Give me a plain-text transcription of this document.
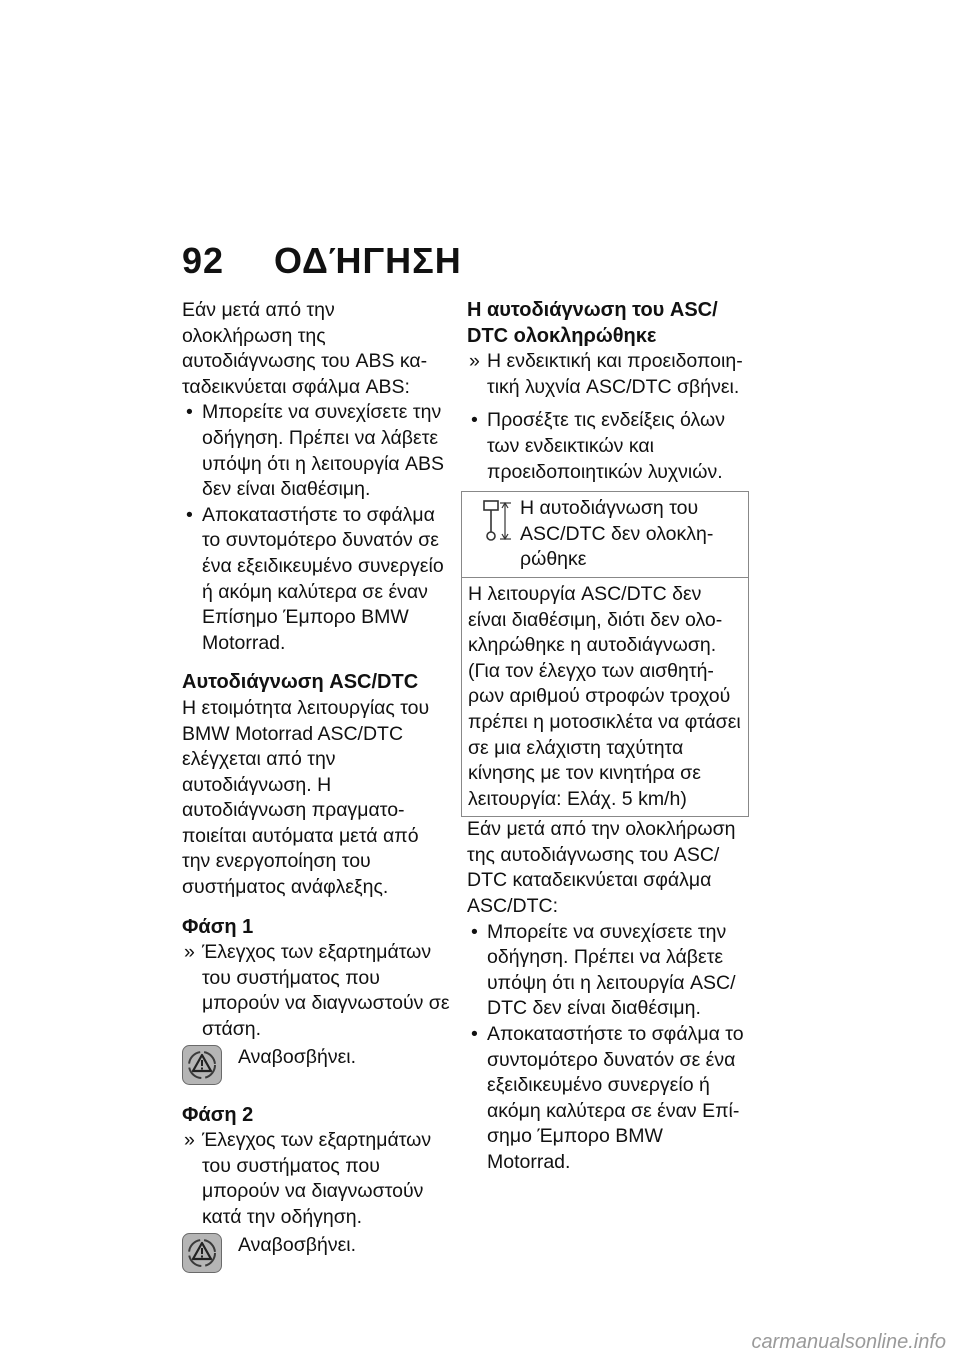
92 ΟΔΉΓΗΣΗ

Εάν μετά από την ολοκλήρωση της αυτοδιάγνωσης του ABS καταδεικνύεται σφάλμα ABS:

• Μπορείτε να συνεχίσετε την οδήγηση. Πρέπει να λάβετε υπόψη ότι η λειτουργία ABS δεν είναι διαθέσιμη.

• Αποκαταστήστε το σφάλμα το συντομότερο δυνατόν σε ένα εξειδικευμένο συνεργείο ή ακόμη καλύτερα σε έναν Επίσημο Έμπορο BMW Motorrad.

Αυτοδιάγνωση ASC/DTC

Η ετοιμότητα λειτουργίας του BMW Motorrad ASC/DTC ελέγχεται από την αυτοδιάγνωση. Η αυτοδιάγνωση πραγματοποιείται αυτόματα μετά από την ενεργοποίηση του συστήματος ανάφλεξης.

Φάση 1

» Έλεγχος των εξαρτημάτων του συστήματος που μπορούν να διαγνωστούν σε στάση.

Αναβοσβήνει.
Φάση 2

» Έλεγχος των εξαρτημάτων του συστήματος που μπορούν να διαγνωστούν κατά την οδήγηση.

Αναβοσβήνει.
Η αυτοδιάγνωση του ASC/ DTC ολοκληρώθηκε

» Η ενδεικτική και προειδοποιητική λυχνία ASC/DTC σβήνει.

• Προσέξτε τις ενδείξεις όλων των ενδεικτικών και προειδοποιητικών λυχνιών.

Η αυτοδιάγνωση του ASC/DTC δεν ολοκληρώθηκε

Η λειτουργία ASC/DTC δεν είναι διαθέσιμη, διότι δεν ολοκληρώθηκε η αυτοδιάγνωση. (Για τον έλεγχο των αισθητήρων αριθμού στροφών τροχού πρέπει η μοτοσικλέτα να φτάσει σε μια ελάχιστη ταχύτητα κίνησης με τον κινητήρα σε λειτουργία: Ελάχ. 5 km/h)

Εάν μετά από την ολοκλήρωση της αυτοδιάγνωσης του ASC/ DTC καταδεικνύεται σφάλμα ASC/DTC:

• Μπορείτε να συνεχίσετε την οδήγηση. Πρέπει να λάβετε υπόψη ότι η λειτουργία ASC/ DTC δεν είναι διαθέσιμη.

• Αποκαταστήστε το σφάλμα το συντομότερο δυνατόν σε ένα εξειδικευμένο συνεργείο ή ακόμη καλύτερα σε έναν Επίσημο Έμπορο BMW Motorrad.

carmanualsonline.info
